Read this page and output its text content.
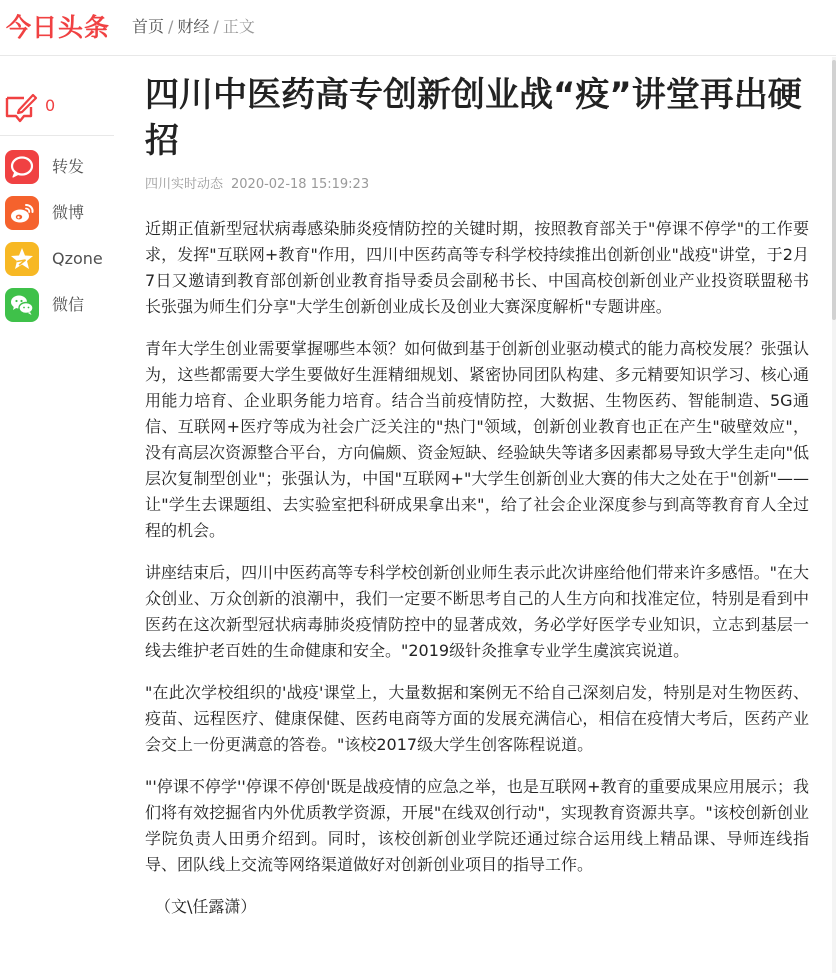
今日头条 首页 / 财经 / 正文
0
转发
微博
Qzone
微信
四川中医药高专创新创业战“疫”讲堂再出硬招
四川实时动态 2020-02-18 15:19:23

近期正值新型冠状病毒感染肺炎疫情防控的关键时期，按照教育部关于"停课不停学"的工作要求，发挥"互联网+教育"作用，四川中医药高等专科学校持续推出创新创业"战疫"讲堂，于2月7日又邀请到教育部创新创业教育指导委员会副秘书长、中国高校创新创业产业投资联盟秘书长张强为师生们分享"大学生创新创业成长及创业大赛深度解析"专题讲座。

青年大学生创业需要掌握哪些本领？如何做到基于创新创业驱动模式的能力高校发展？张强认为，这些都需要大学生要做好生涯精细规划、紧密协同团队构建、多元精要知识学习、核心通用能力培育、企业职务能力培育。结合当前疫情防控，大数据、生物医药、智能制造、5G通信、互联网+医疗等成为社会广泛关注的"热门"领域，创新创业教育也正在产生"破壁效应"，没有高层次资源整合平台，方向偏颇、资金短缺、经验缺失等诸多因素都易导致大学生走向"低层次复制型创业"；张强认为，中国"互联网+"大学生创新创业大赛的伟大之处在于"创新"——让"学生去课题组、去实验室把科研成果拿出来"，给了社会企业深度参与到高等教育育人全过程的机会。

讲座结束后，四川中医药高等专科学校创新创业师生表示此次讲座给他们带来许多感悟。"在大众创业、万众创新的浪潮中，我们一定要不断思考自己的人生方向和找准定位，特别是看到中医药在这次新型冠状病毒肺炎疫情防控中的显著成效，务必学好医学专业知识，立志到基层一线去维护老百姓的生命健康和安全。"2019级针灸推拿专业学生虞滨宾说道。

"在此次学校组织的'战疫'课堂上，大量数据和案例无不给自己深刻启发，特别是对生物医药、疫苗、远程医疗、健康保健、医药电商等方面的发展充满信心，相信在疫情大考后，医药产业会交上一份更满意的答卷。"该校2017级大学生创客陈程说道。

"'停课不停学''停课不停创'既是战疫情的应急之举，也是互联网+教育的重要成果应用展示；我们将有效挖掘省内外优质教学资源，开展"在线双创行动"，实现教育资源共享。"该校创新创业学院负责人田勇介绍到。同时，该校创新创业学院还通过综合运用线上精品课、导师连线指导、团队线上交流等网络渠道做好对创新创业项目的指导工作。

（文\任露潇）
